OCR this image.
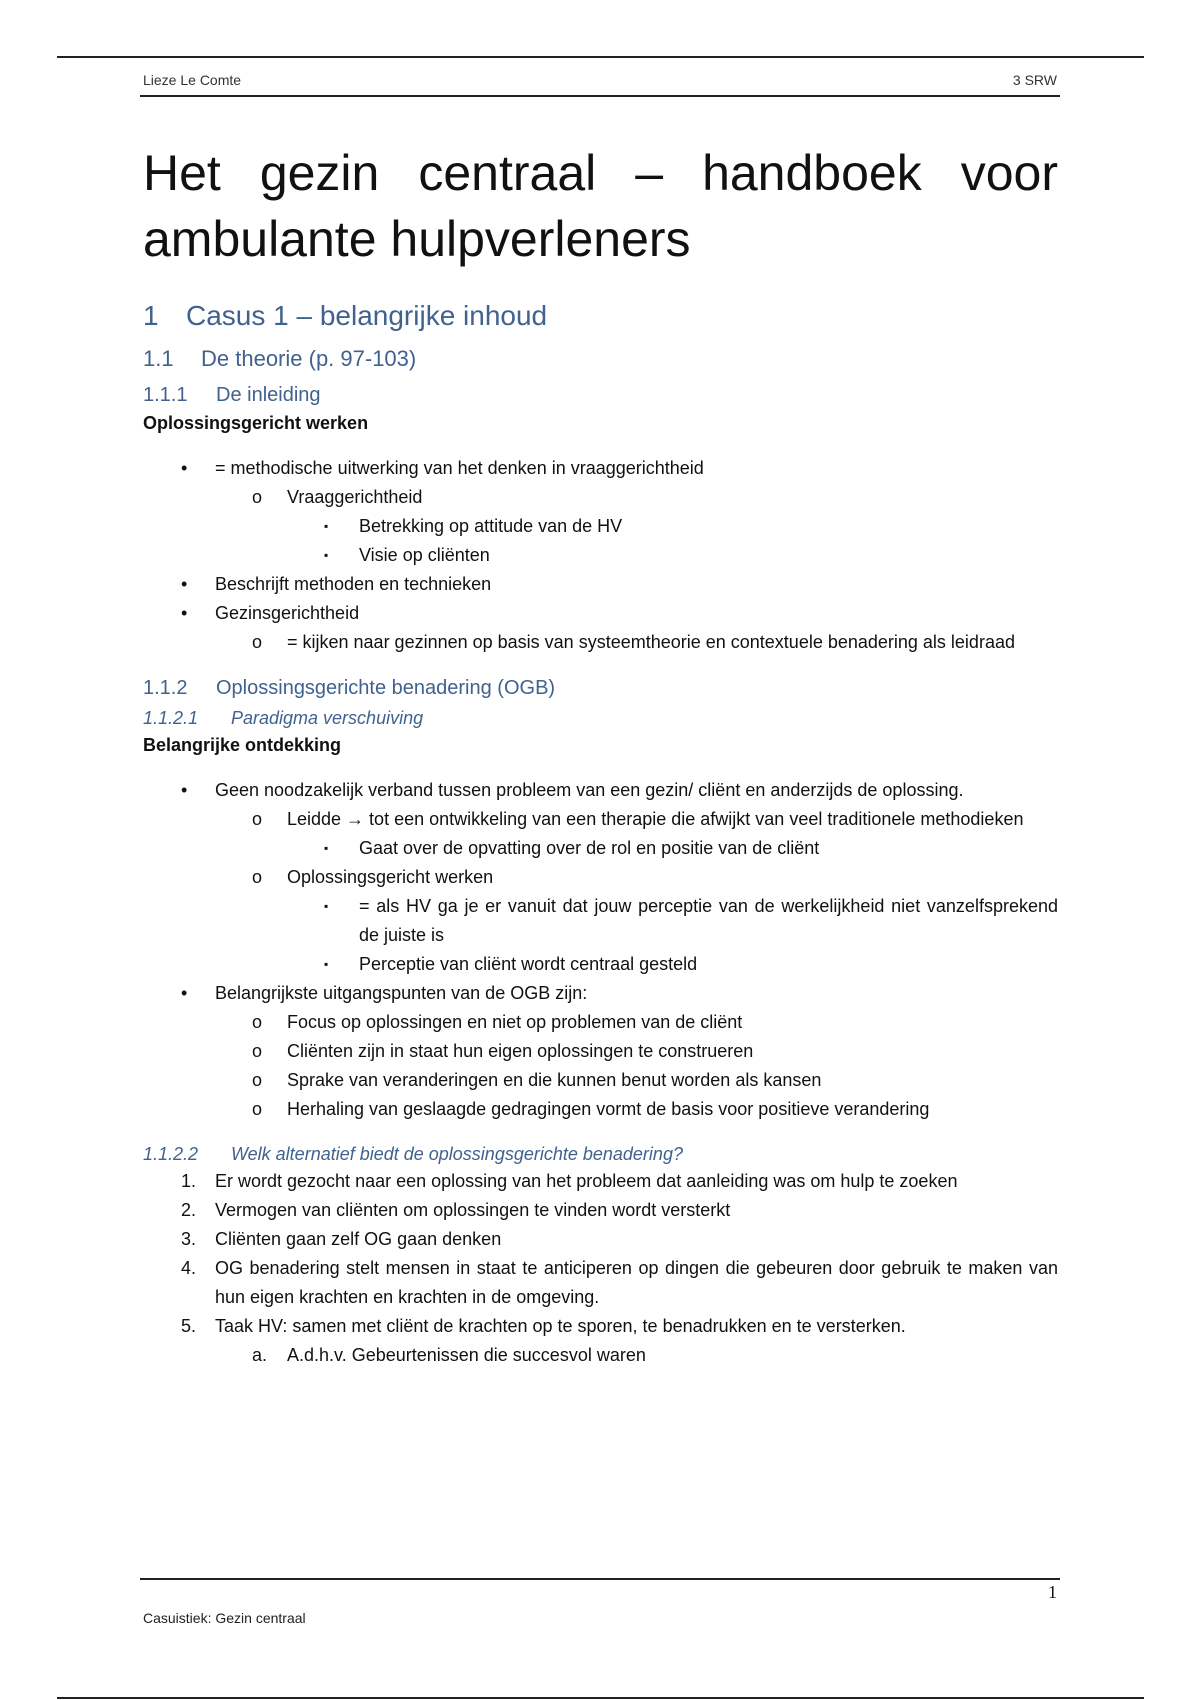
Lieze Le Comte	3 SRW
Het gezin centraal – handboek voor ambulante hulpverleners
1 Casus 1 – belangrijke inhoud
1.1 De theorie (p. 97-103)
1.1.1 De inleiding
Oplossingsgericht werken
• = methodische uitwerking van het denken in vraaggerichtheid
o Vraaggerichtheid
▪ Betrekking op attitude van de HV
▪ Visie op cliënten
• Beschrijft methoden en technieken
• Gezinsgerichtheid
o = kijken naar gezinnen op basis van systeemtheorie en contextuele benadering als leidraad
1.1.2 Oplossingsgerichte benadering (OGB)
1.1.2.1 Paradigma verschuiving
Belangrijke ontdekking
• Geen noodzakelijk verband tussen probleem van een gezin/ cliënt en anderzijds de oplossing.
o Leidde → tot een ontwikkeling van een therapie die afwijkt van veel traditionele methodieken
▪ Gaat over de opvatting over de rol en positie van de cliënt
o Oplossingsgericht werken
▪ = als HV ga je er vanuit dat jouw perceptie van de werkelijkheid niet vanzelfsprekend de juiste is
▪ Perceptie van cliënt wordt centraal gesteld
• Belangrijkste uitgangspunten van de OGB zijn:
o Focus op oplossingen en niet op problemen van de cliënt
o Cliënten zijn in staat hun eigen oplossingen te construeren
o Sprake van veranderingen en die kunnen benut worden als kansen
o Herhaling van geslaagde gedragingen vormt de basis voor positieve verandering
1.1.2.2 Welk alternatief biedt de oplossingsgerichte benadering?
1. Er wordt gezocht naar een oplossing van het probleem dat aanleiding was om hulp te zoeken
2. Vermogen van cliënten om oplossingen te vinden wordt versterkt
3. Cliënten gaan zelf OG gaan denken
4. OG benadering stelt mensen in staat te anticiperen op dingen die gebeuren door gebruik te maken van hun eigen krachten en krachten in de omgeving.
5. Taak HV: samen met cliënt de krachten op te sporen, te benadrukken en te versterken.
a. A.d.h.v. Gebeurtenissen die succesvol waren
1
Casuistiek: Gezin centraal
